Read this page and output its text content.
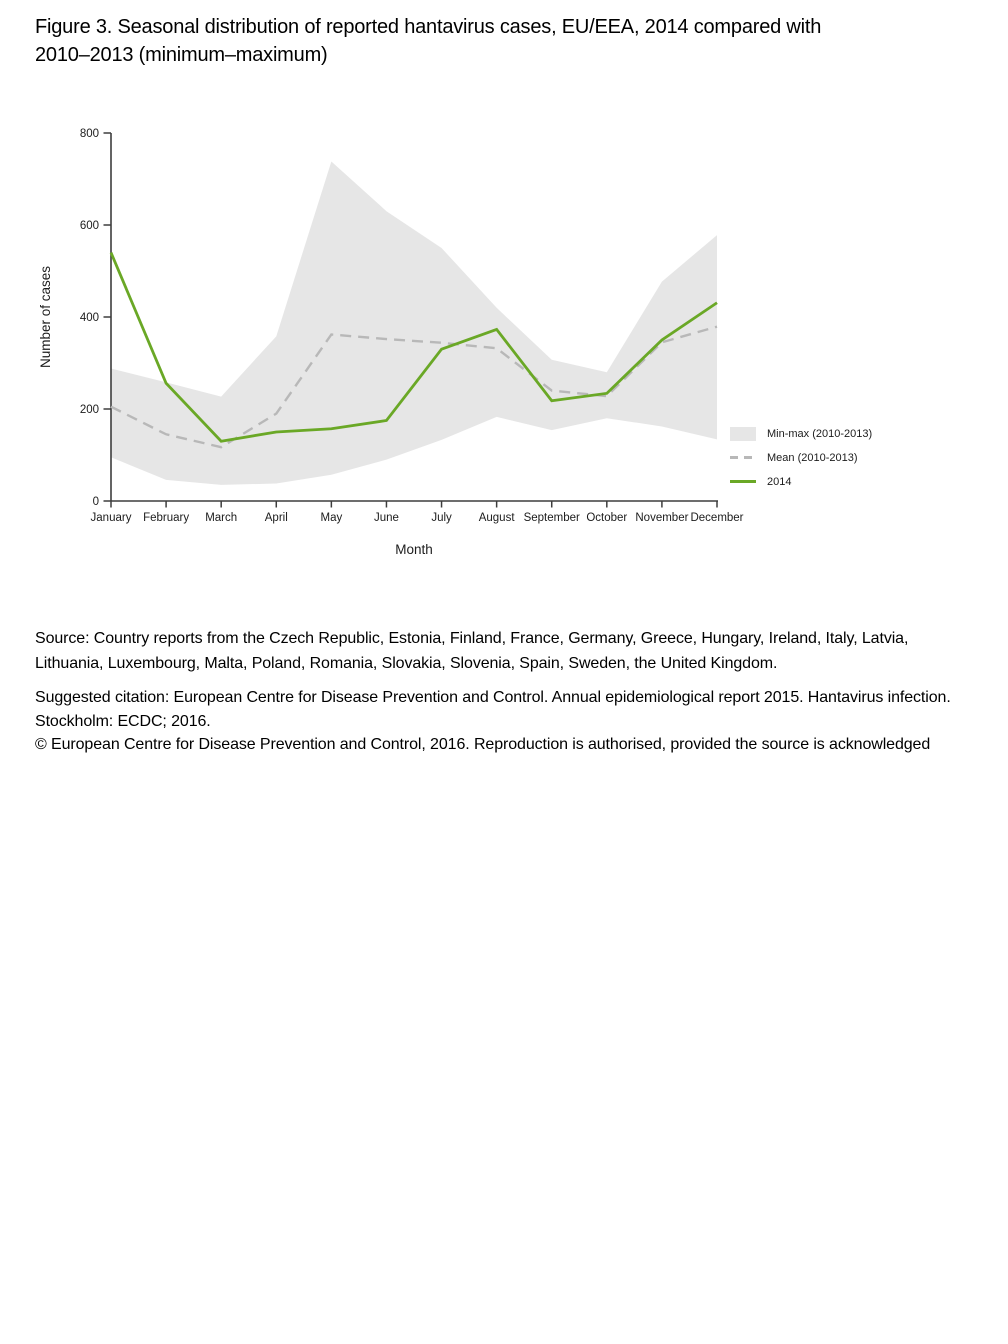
0
200
400
600
800
January February March April	May	June	July August September October November December
Number of cases
Month
Figure 3. Seasonal distribution of reported hantavirus cases, EU/EEA, 2014 compared with
2010–2013 (minimum–maximum)
Min-max (2010-2013)
Mean (2010-2013)
2014
Source: Country reports from the Czech Republic, Estonia, Finland, France, Germany, Greece, Hungary, Ireland, Italy, Latvia,
Lithuania, Luxembourg, Malta, Poland, Romania, Slovakia, Slovenia, Spain, Sweden, the United Kingdom.
Suggested citation: European Centre for Disease Prevention and Control. Annual epidemiological report 2015. Hantavirus infection.
Stockholm: ECDC; 2016.
© European Centre for Disease Prevention and Control, 2016. Reproduction is authorised, provided the source is acknowledged
